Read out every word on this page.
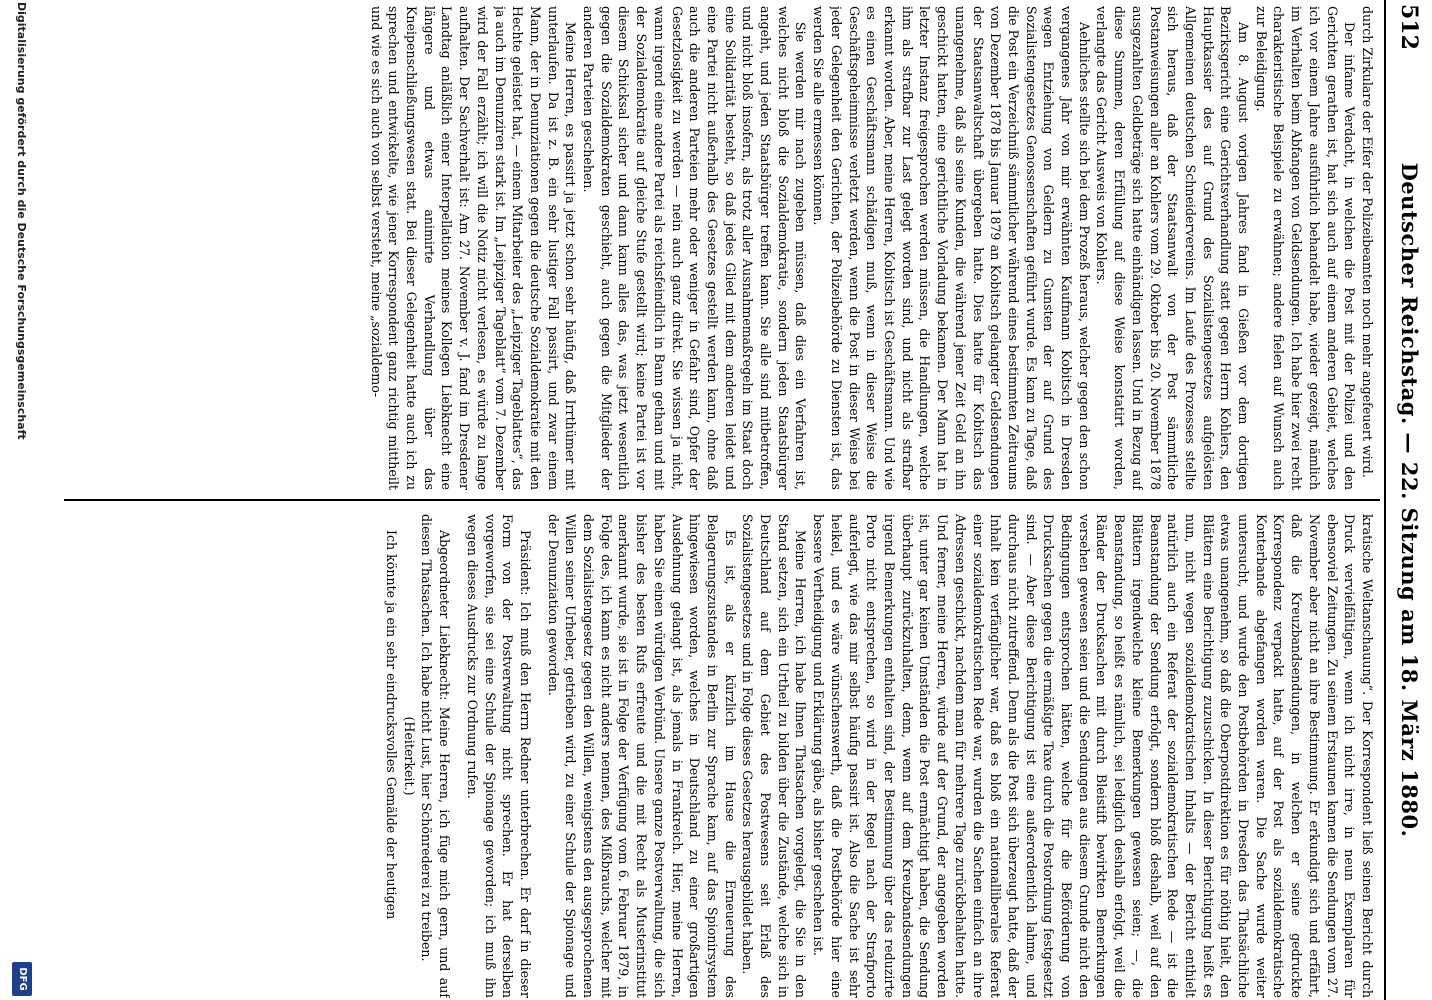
512
Deutscher Reichstag. — 22. Sitzung am 18. März 1880.

durch Zirkulare der Eifer der Polizeibeamten noch mehr angefeuert wird.

Der infame Verdacht, in welchen die Post mit der Polizei und den Gerichten gerathen ist, hat sich auch auf einem anderen Gebiet, welches ich vor einem Jahre ausführlich behandelt habe, wieder gezeigt, nämlich im Verhalten beim Abfangen von Geldsendungen. Ich habe hier zwei recht charakteristische Beispiele zu erwähnen; andere fielen auf Wunsch auch zur Beleidigung.

Am 8. August vorigen Jahres fand in Gießen vor dem dortigen Bezirksgericht eine Gerichtsverhandlung statt gegen Herrn Kohlers, den Hauptkassier des auf Grund des Sozialistengesetzes aufgelösten Allgemeinen deutschen Schneidervereins. Im Laufe des Prozesses stellte sich heraus, daß der Staatsanwalt von der Post sämmtliche Postanweisungen aller an Kohlers vom 29. Oktober bis 20. November 1878 ausgezahlten Geldbeträge sich hatte einhändigen lassen. Und in Bezug auf diese Summen, deren Erfüllung auf diese Weise konstatirt worden, verlangte das Gericht Ausweis von Kohlers.

Aehnliches stellte sich bei dem Prozeß heraus, welcher gegen den schon vergangenes Jahr von mir erwähnten Kaufmann Kobitsch in Dresden wegen Entziehung von Geldern zu Gunsten der auf Grund des Sozialistengesetzes Genossenschaften geführt wurde. Es kam zu Tage, daß die Post ein Verzeichniß sämmtlicher während eines bestimmten Zeitraums von Dezember 1878 bis Januar 1879 an Kobitsch gelangter Geldsendungen der Staatsanwaltschaft übergeben hatte. Dies hatte für Kobitsch das unangenehme, daß als seine Kunden, die während jener Zeit Geld an ihn geschickt hatten, eine gerichtliche Vorladung bekamen. Der Mann hat in letzter Instanz freigesprochen werden müssen, die Handlungen, welche ihm als strafbar zur Last gelegt worden sind, und nicht als strafbar erkannt worden. Aber, meine Herren, Kobitsch ist Geschäftsmann. Und wie es einen Geschäftsmann schädigen muß, wenn in dieser Weise die Geschäftsgeheimnisse verletzt werden, wenn die Post in dieser Weise bei jeder Gelegenheit den Gerichten, der Polizeibehörde zu Diensten ist, das werden Sie alle ermessen können.

Sie werden mir nach zugeben müssen, daß dies ein Verfahren ist, welches nicht bloß die Sozialdemokratie, sondern jeden Staatsbürger angeht, und jeden Staatsbürger treffen kann. Sie alle sind mitbetroffen, und nicht bloß insofern, als trotz aller Ausnahmemaßregeln im Staat doch eine Solidarität besteht, so daß jedes Glied mit dem anderen leidet und eine Partei nicht außerhalb des Gesetzes gestellt werden kann, ohne daß auch die anderen Parteien mehr oder weniger in Gefahr sind, Opfer der Gesetzlosigkeit zu werden — nein auch ganz direkt. Sie wissen ja nicht, wann irgend eine andere Partei als reichsfeindlich in Bann gethan und mit der Sozialdemokratie auf gleiche Stufe gestellt wird; keine Partei ist vor diesem Schicksal sicher und dann kann alles das, was jetzt wesentlich gegen die Sozialdemokraten geschieht, auch gegen die Mitglieder der anderen Parteien geschehen.

Meine Herren, es passirt ja jetzt schon sehr häufig, daß Irrthümer mit unterlaufen. Da ist z. B. ein sehr lustiger Fall passirt, und zwar einem Mann, der in Denunziationen gegen die deutsche Sozialdemokratie mit den Hechte geleistet hat, — einem Mitarbeiter des „Leipziger Tageblattes“, das ja auch im Denunziren stark ist. Im „Leipziger Tageblatt“ vom 7. Dezember wird der Fall erzählt; ich will die Notiz nicht verlesen, es würde zu lange aufhalten. Der Sachverhalt ist: Am 27. November v. J. fand im Dresdener Landtag anläßlich einer Interpellation meines Kollegen Liebknecht eine längere und etwas animirte Verhandlung über das Kneipenschließungswesen statt. Bei dieser Gelegenheit hatte auch ich zu sprechen und entwickelte, wie jener Korrespondent ganz richtig mittheilt und wie es sich auch von selbst versteht, meine „sozialdemo-

kratische Weltanschauung“. Der Korrespondent ließ seinen Bericht durch Druck vervielfältigen, wenn ich nicht irre, in neun Exemplaren für ebensoviel Zeitungen. Zu seinem Erstaunen kamen die Sendungen vom 27. November aber nicht an ihre Bestimmung. Er erkundigt sich und erfährt, daß die Kreuzbandsendungen, in welchen er seine gedruckte Korrespondenz verpackt hatte, auf der Post als sozialdemokratische Konterbande abgefangen worden waren. Die Sache wurde weiter untersucht, und wurde den Postbehörden in Dresden das Thatsächliche etwas unangenehm, so daß die Oberpostdirektion es für nöthig hielt, den Blättern eine Berichtigung zuzuschicken. In dieser Berichtigung heißt es nun, nicht wegen sozialdemokratischen Inhalts — der Bericht enthielt natürlich auch ein Referat der sozialdemokratischen Rede — ist die Beanstandung der Sendung erfolgt, sondern bloß deshalb, weil auf den Blättern irgendwelche kleine Bemerkungen gewesen seien; —, die Beanstandung, so heißt es nämlich, sei lediglich deshalb erfolgt, weil die Ränder der Drucksachen mit durch Bleistift bewirkten Bemerkungen versehen gewesen seien und die Sendungen aus diesem Grunde nicht den Bedingungen entsprochen hätten, welche für die Beförderung von Drucksachen gegen die ermäßigte Taxe durch die Postordnung festgesetzt sind. — Aber diese Berichtigung ist eine außerordentlich lahme, und durchaus nicht zutreffend. Denn als die Post sich überzeugt hatte, daß der Inhalt kein verfänglicher war, daß es bloß ein nationalliberales Referat einer sozialdemokratischen Rede war, wurden die Sachen einfach an ihre Adressen geschickt, nachdem man für mehrere Tage zurückbehalten hatte. Und ferner, meine Herren, würde auf der Grund, der angegeben worden ist, unter gar keinen Umständen die Post ermächtigt haben, die Sendung überhaupt zurückzuhalten, denn, wenn auf dem Kreuzbandsendungen irgend Bemerkungen enthalten sind, der Bestimmung über das reduzirte Porto nicht entsprechen, so wird in der Regel nach der Strafporto auferlegt, wie das mir selbst häufig passirt ist. Also die Sache ist sehr heikel, und es wäre wünschenswerth, daß die Postbehörde hier eine bessere Vertheidigung und Erklärung gäbe, als bisher geschehen ist.

Meine Herren, ich habe Ihnen Thatsachen vorgelegt, die Sie in den Stand setzen, sich ein Urtheil zu bilden über die Zustände, welche sich in Deutschland auf dem Gebiet des Postwesens seit Erlaß des Sozialistengesetzes und in Folge dieses Gesetzes herausgebildet haben.

Es ist, als er kürzlich im Hause die Erneuerung des Belagerungszustandes in Berlin zur Sprache kam, auf das Spionirsystem hingewiesen worden, welches in Deutschland zu einer großartigen Ausdehnung gelangt ist, als jemals in Frankreich. Hier, meine Herren, haben Sie einen würdigen Verbünd. Unsere ganze Postverwaltung, die sich bisher des besten Rufs erfreute und die mit Recht als Musterinstitut anerkannt wurde, sie ist in Folge der Verfügung vom 6. Februar 1879, in Folge des, ich kann es nicht anders nennen, des Mißbrauchs, welcher mit dem Sozialistengesetz gegen den Willen, wenigstens den ausgesprochenen Willen seiner Urheber, getrieben wird, zu einer Schule der Spionage und der Denunziation geworden.

Präsident: Ich muß den Herrn Redner unterbrechen. Er darf in dieser Form von der Postverwaltung nicht sprechen. Er hat derselben vorgeworfen, sie sei eine Schule der Spionage geworden; ich muß ihn wegen dieses Ausdrucks zur Ordnung rufen.

Abgeordneter Liebknecht: Meine Herren, ich füge mich gern, und auf diesen Thatsachen. Ich habe nicht Lust, hier Schönrederei zu treiben.

(Heiterkeit.)

Ich könnte ja ein sehr eindrucksvolles Gemälde der heutigen

Digitalisierung gefördert durch die Deutsche Forschungsgemeinschaft
DFG
